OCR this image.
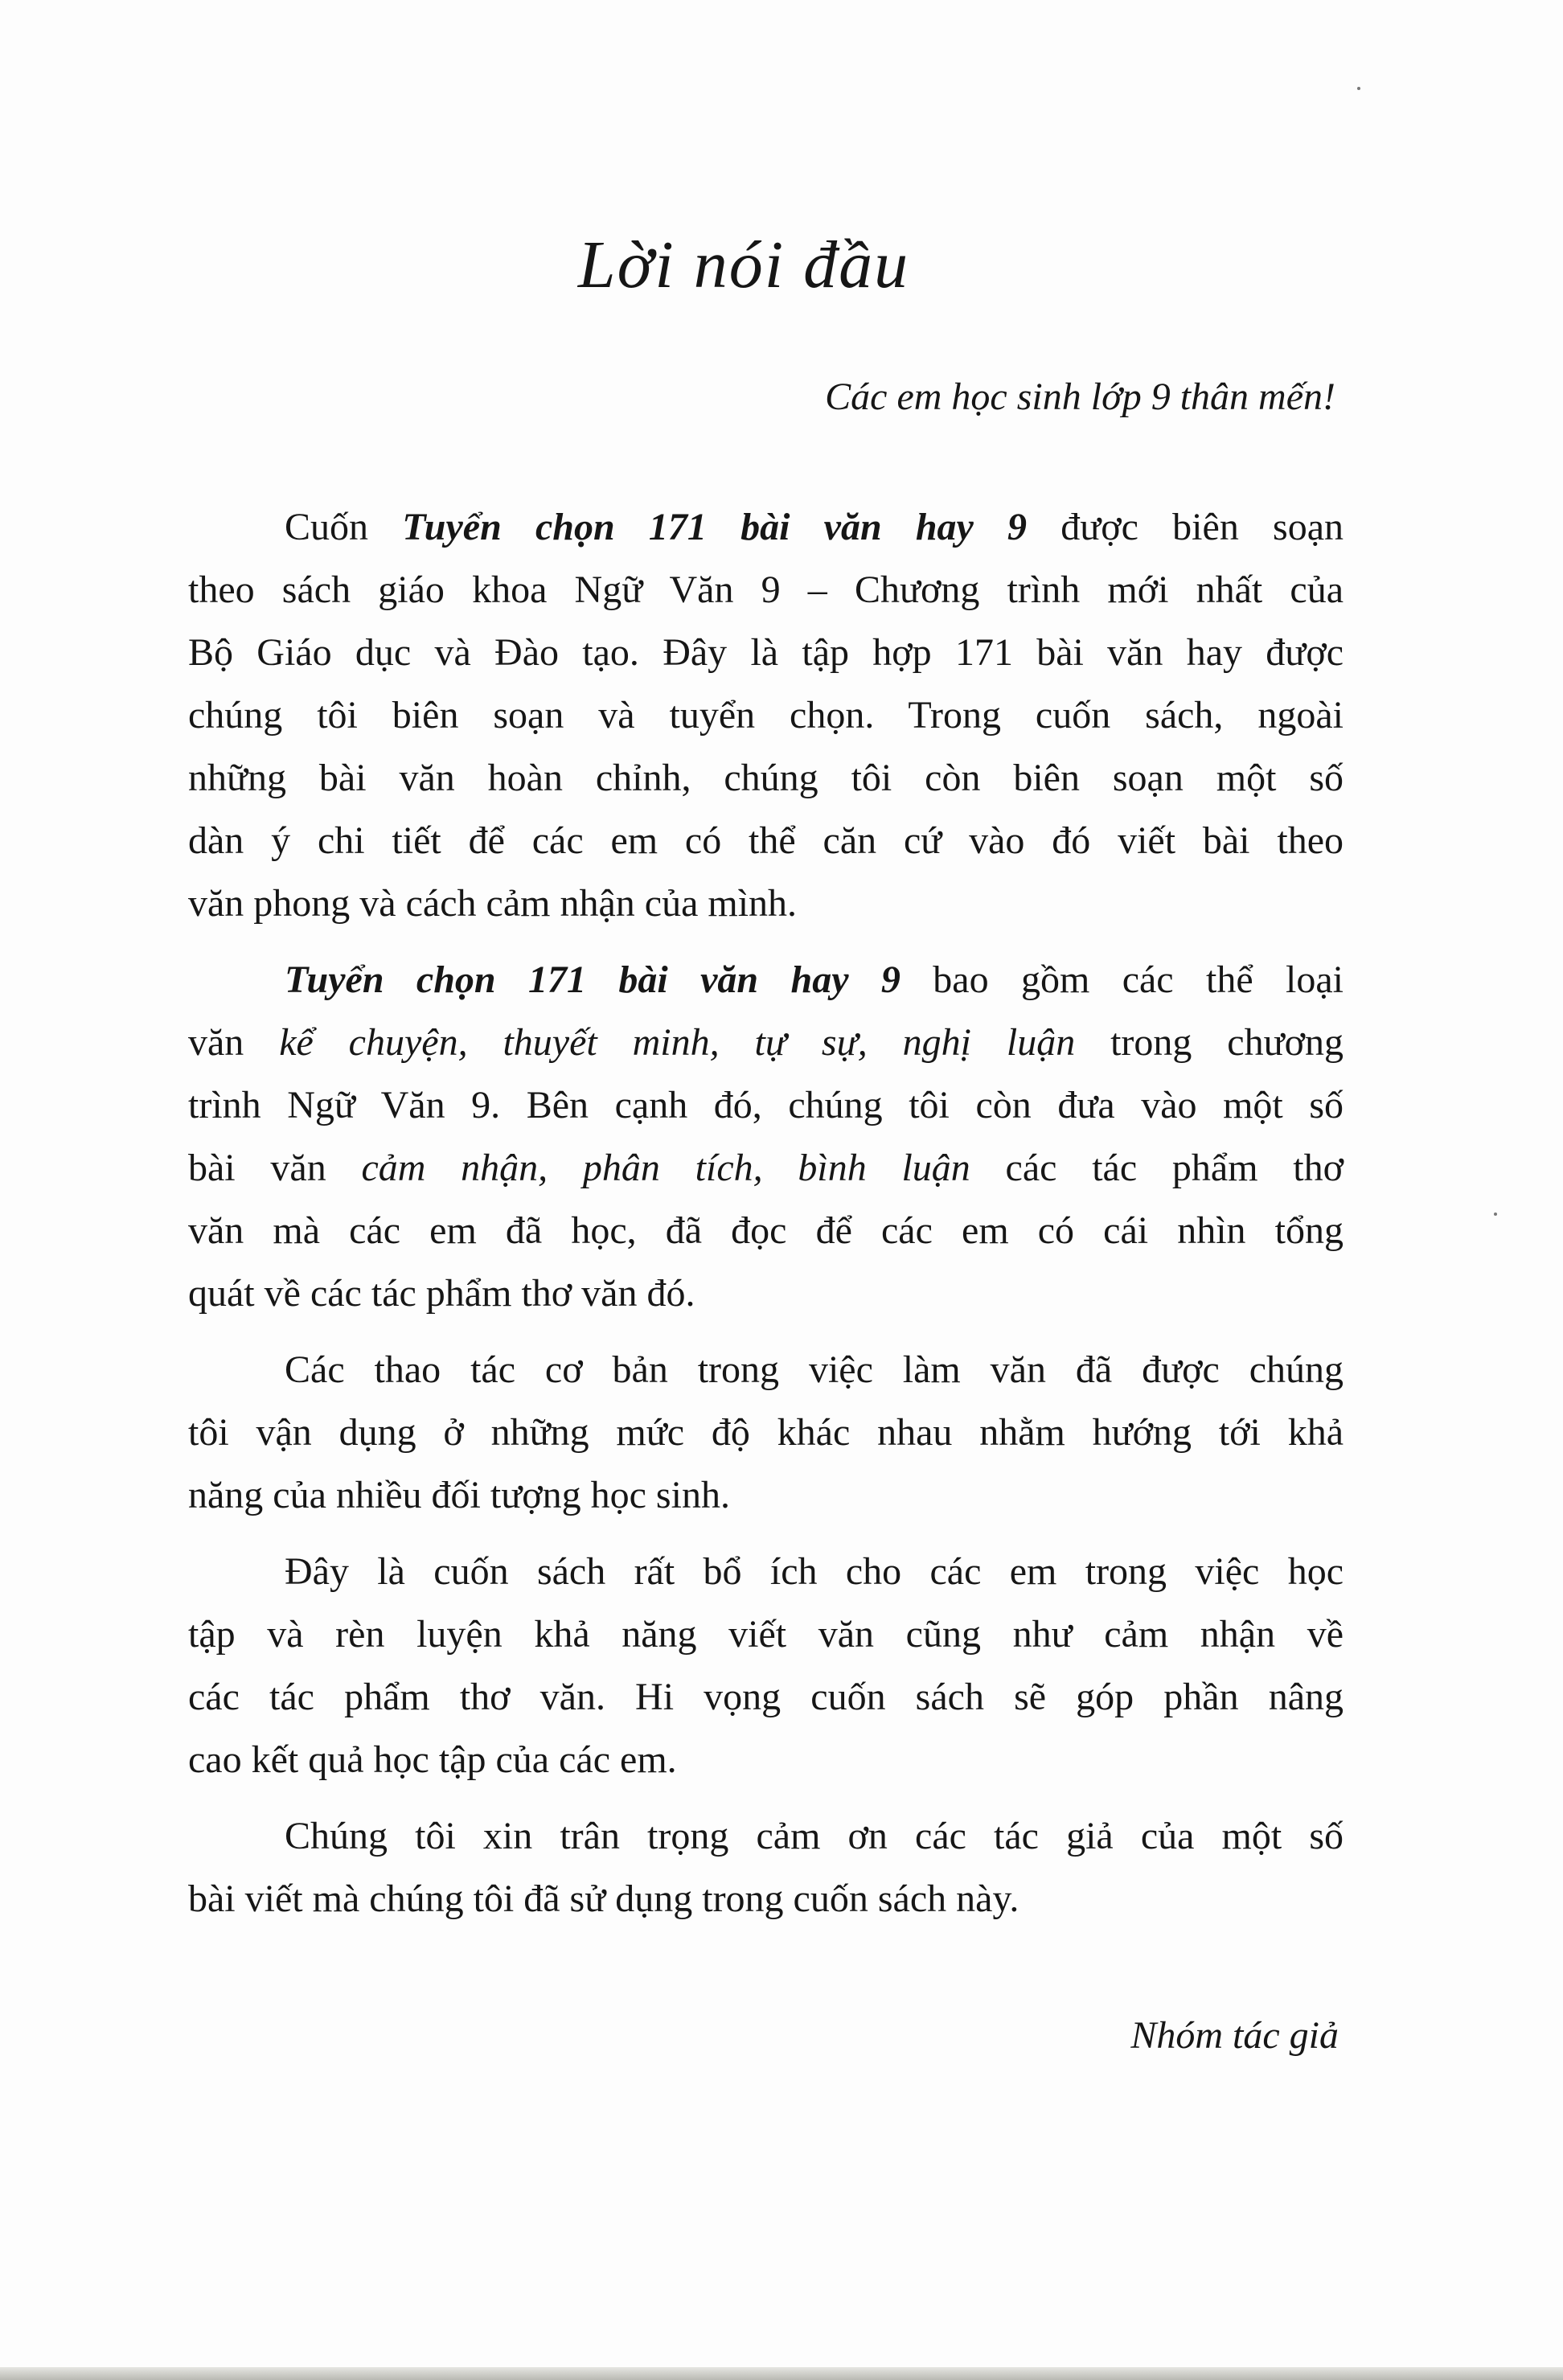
Lời nói đầu
Các em học sinh lớp 9 thân mến!
Cuốn Tuyển chọn 171 bài văn hay 9 được biên soạn
theo sách giáo khoa Ngữ Văn 9 – Chương trình mới nhất của
Bộ Giáo dục và Đào tạo. Đây là tập hợp 171 bài văn hay được
chúng tôi biên soạn và tuyển chọn. Trong cuốn sách, ngoài
những bài văn hoàn chỉnh, chúng tôi còn biên soạn một số
dàn ý chi tiết để các em có thể căn cứ vào đó viết bài theo
văn phong và cách cảm nhận của mình.
Tuyển chọn 171 bài văn hay 9 bao gồm các thể loại
văn kể chuyện, thuyết minh, tự sự, nghị luận trong chương
trình Ngữ Văn 9. Bên cạnh đó, chúng tôi còn đưa vào một số
bài văn cảm nhận, phân tích, bình luận các tác phẩm thơ
văn mà các em đã học, đã đọc để các em có cái nhìn tổng
quát về các tác phẩm thơ văn đó.
Các thao tác cơ bản trong việc làm văn đã được chúng
tôi vận dụng ở những mức độ khác nhau nhằm hướng tới khả
năng của nhiều đối tượng học sinh.
Đây là cuốn sách rất bổ ích cho các em trong việc học
tập và rèn luyện khả năng viết văn cũng như cảm nhận về
các tác phẩm thơ văn. Hi vọng cuốn sách sẽ góp phần nâng
cao kết quả học tập của các em.
Chúng tôi xin trân trọng cảm ơn các tác giả của một số
bài viết mà chúng tôi đã sử dụng trong cuốn sách này.
Nhóm tác giả
